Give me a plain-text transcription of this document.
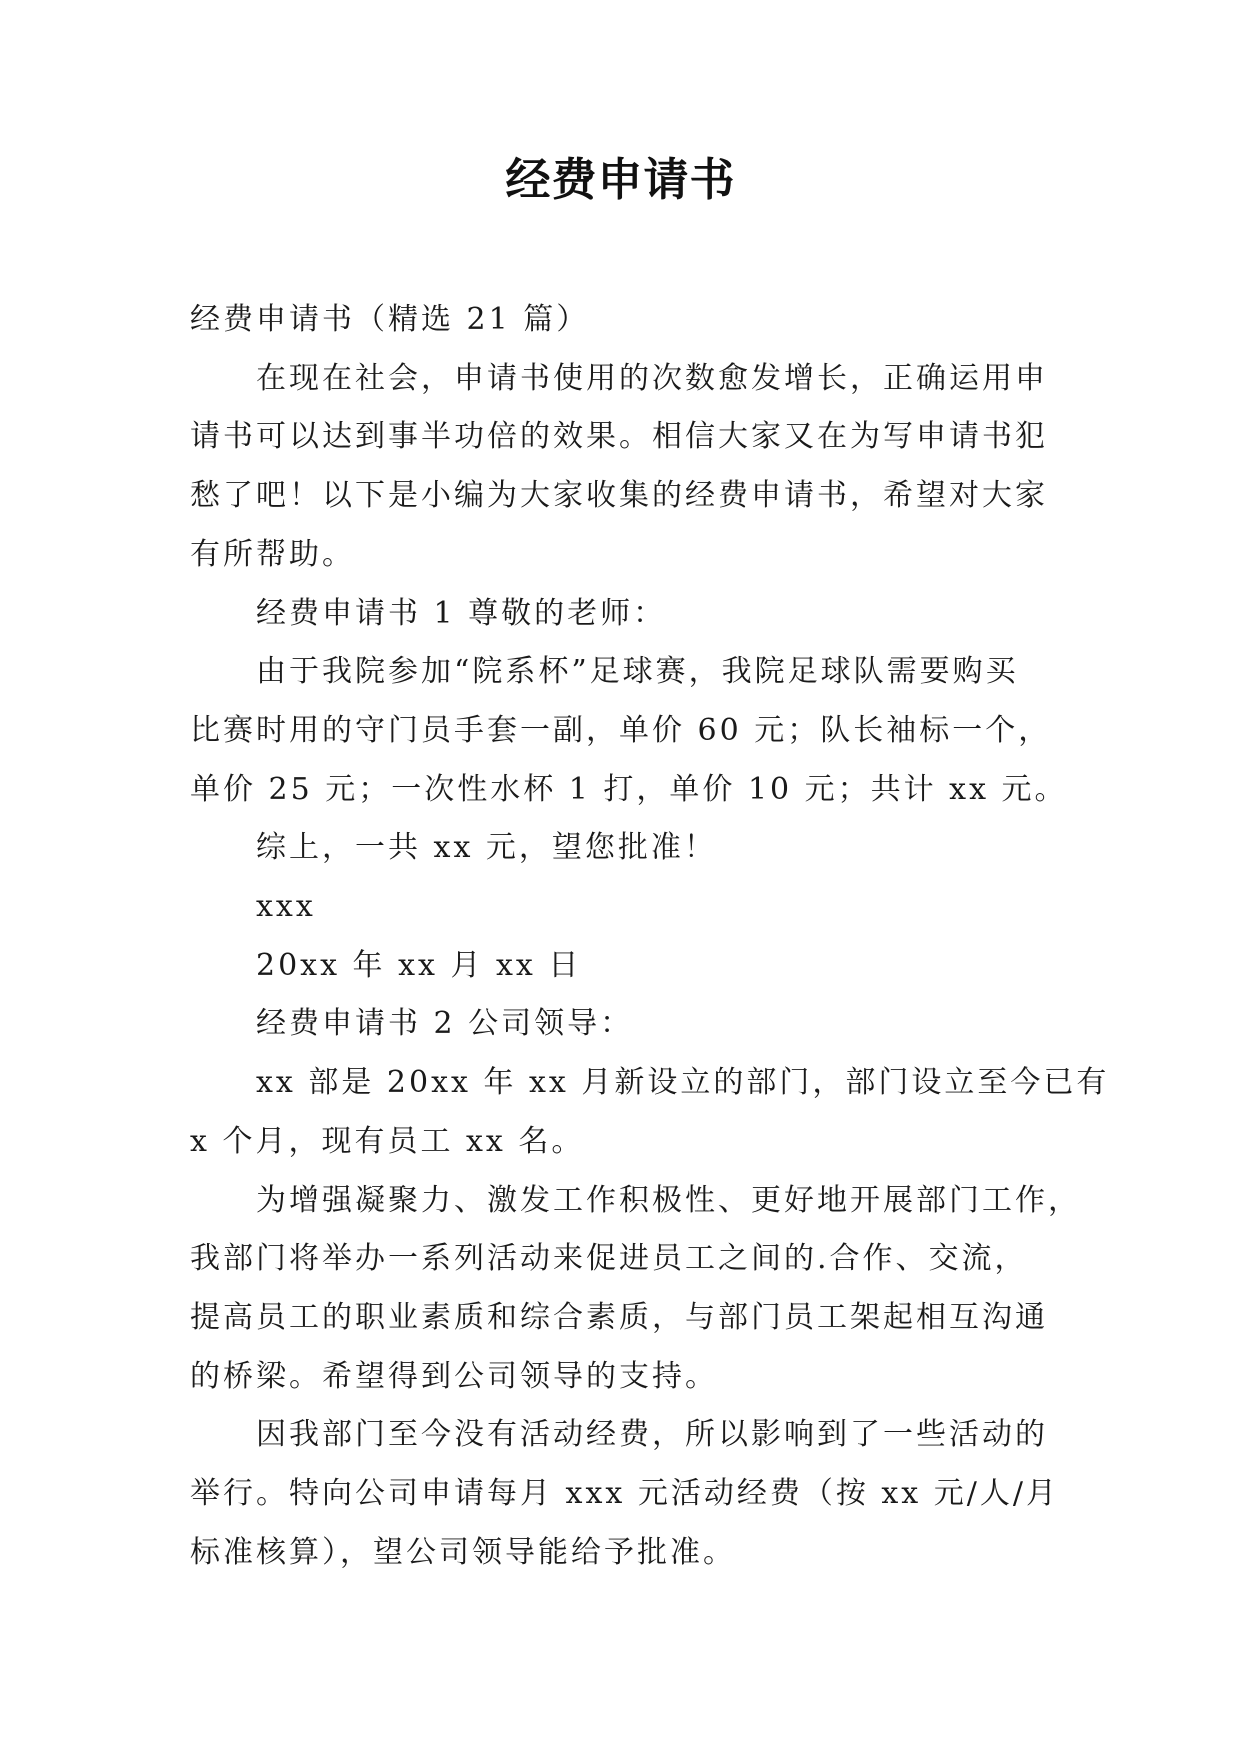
经费申请书

经费申请书（精选 21 篇）

在现在社会，申请书使用的次数愈发增长，正确运用申

请书可以达到事半功倍的效果。相信大家又在为写申请书犯
愁了吧！以下是小编为大家收集的经费申请书，希望对大家
有所帮助。

经费申请书 1 尊敬的老师：

由于我院参加“院系杯”足球赛，我院足球队需要购买

比赛时用的守门员手套一副，单价 60 元；队长袖标一个，
单价 25 元；一次性水杯 1 打，单价 10 元；共计 xx 元。

综上，一共 xx 元，望您批准！

xxx

20xx 年 xx 月 xx 日

经费申请书 2 公司领导：

xx 部是 20xx 年 xx 月新设立的部门，部门设立至今已有

x 个月，现有员工 xx 名。

为增强凝聚力、激发工作积极性、更好地开展部门工作，

我部门将举办一系列活动来促进员工之间的.合作、交流，
提高员工的职业素质和综合素质，与部门员工架起相互沟通
的桥梁。希望得到公司领导的支持。

因我部门至今没有活动经费，所以影响到了一些活动的

举行。特向公司申请每月 xxx 元活动经费（按 xx 元/人/月
标准核算），望公司领导能给予批准。
